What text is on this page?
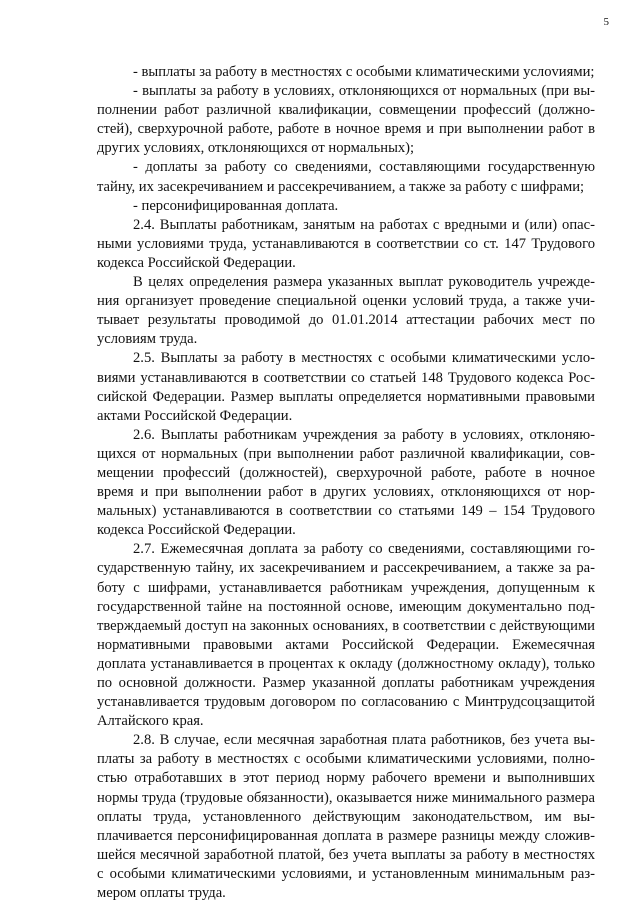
5

- выплаты за работу в местностях с особыми климатическими услоvиями;

- выплаты за работу в условиях, отклоняющихся от нормальных (при выполнении работ различной квалификации, совмещении профессий (должностей), сверхурочной работе, работе в ночное время и при выполнении работ в других условиях, отклоняющихся от нормальных);

- доплаты за работу со сведениями, составляющими государственную тайну, их засекречиванием и рассекречиванием, а также за работу с шифрами;

- персонифицированная доплата.

2.4. Выплаты работникам, занятым на работах с вредными и (или) опасными условиями труда, устанавливаются в соответствии со ст. 147 Трудового кодекса Российской Федерации.

В целях определения размера указанных выплат руководитель учреждения организует проведение специальной оценки условий труда, а также учитывает результаты проводимой до 01.01.2014 аттестации рабочих мест по условиям труда.

2.5. Выплаты за работу в местностях с особыми климатическими условиями устанавливаются в соответствии со статьей 148 Трудового кодекса Российской Федерации. Размер выплаты определяется нормативными правовыми актами Российской Федерации.

2.6. Выплаты работникам учреждения за работу в условиях, отклоняющихся от нормальных (при выполнении работ различной квалификации, совмещении профессий (должностей), сверхурочной работе, работе в ночное время и при выполнении работ в других условиях, отклоняющихся от нормальных) устанавливаются в соответствии со статьями 149 – 154 Трудового кодекса Российской Федерации.

2.7. Ежемесячная доплата за работу со сведениями, составляющими государственную тайну, их засекречиванием и рассекречиванием, а также за работу с шифрами, устанавливается работникам учреждения, допущенным к государственной тайне на постоянной основе, имеющим документально подтверждаемый доступ на законных основаниях, в соответствии с действующими нормативными правовыми актами Российской Федерации. Ежемесячная доплата устанавливается в процентах к окладу (должностному окладу), только по основной должности. Размер указанной доплаты работникам учреждения устанавливается трудовым договором по согласованию с Минтрудсоцзащитой Алтайского края.

2.8. В случае, если месячная заработная плата работников, без учета выплаты за работу в местностях с особыми климатическими условиями, полностью отработавших в этот период норму рабочего времени и выполнивших нормы труда (трудовые обязанности), оказывается ниже минимального размера оплаты труда, установленного действующим законодательством, им выплачивается персонифицированная доплата в размере разницы между сложившейся месячной заработной платой, без учета выплаты за работу в местностях с особыми климатическими условиями, и установленным минимальным размером оплаты труда.
